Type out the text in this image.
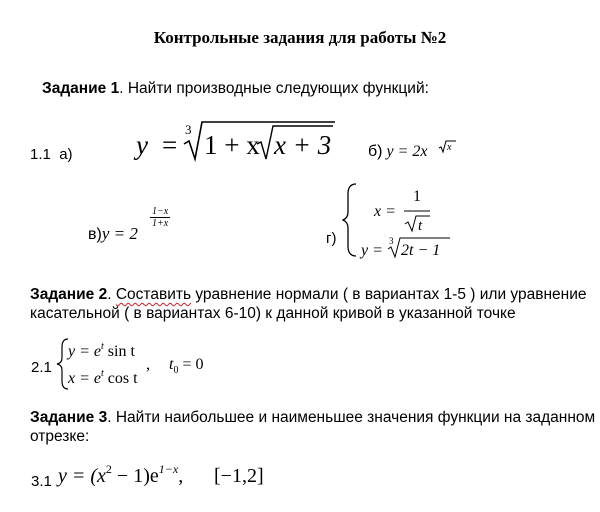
Контрольные задания для работы №2
Задание 1. Найти производные следующих функций:
1.1 а) y =
3
1 + x x + 3 б) y = 2x x
в)y = 2
$\frac{1-x}{1+x}$
г)
x =
1
t
y =
3
2t − 1
Задание 2. Составить уравнение нормали ( в вариантах 1-5 ) или уравнение
касательной ( в вариантах 6-10) к данной кривой в указанной точке
2.1
$y = e^t$ sin t
$x = e^t$ cos t
, $t_0 = 0$
Задание 3. Найти наибольшее и наименьшее значения функции на заданном
отрезке:
3.1 $y = (x^2 - 1)e^{1-x}$, [−1,2]
